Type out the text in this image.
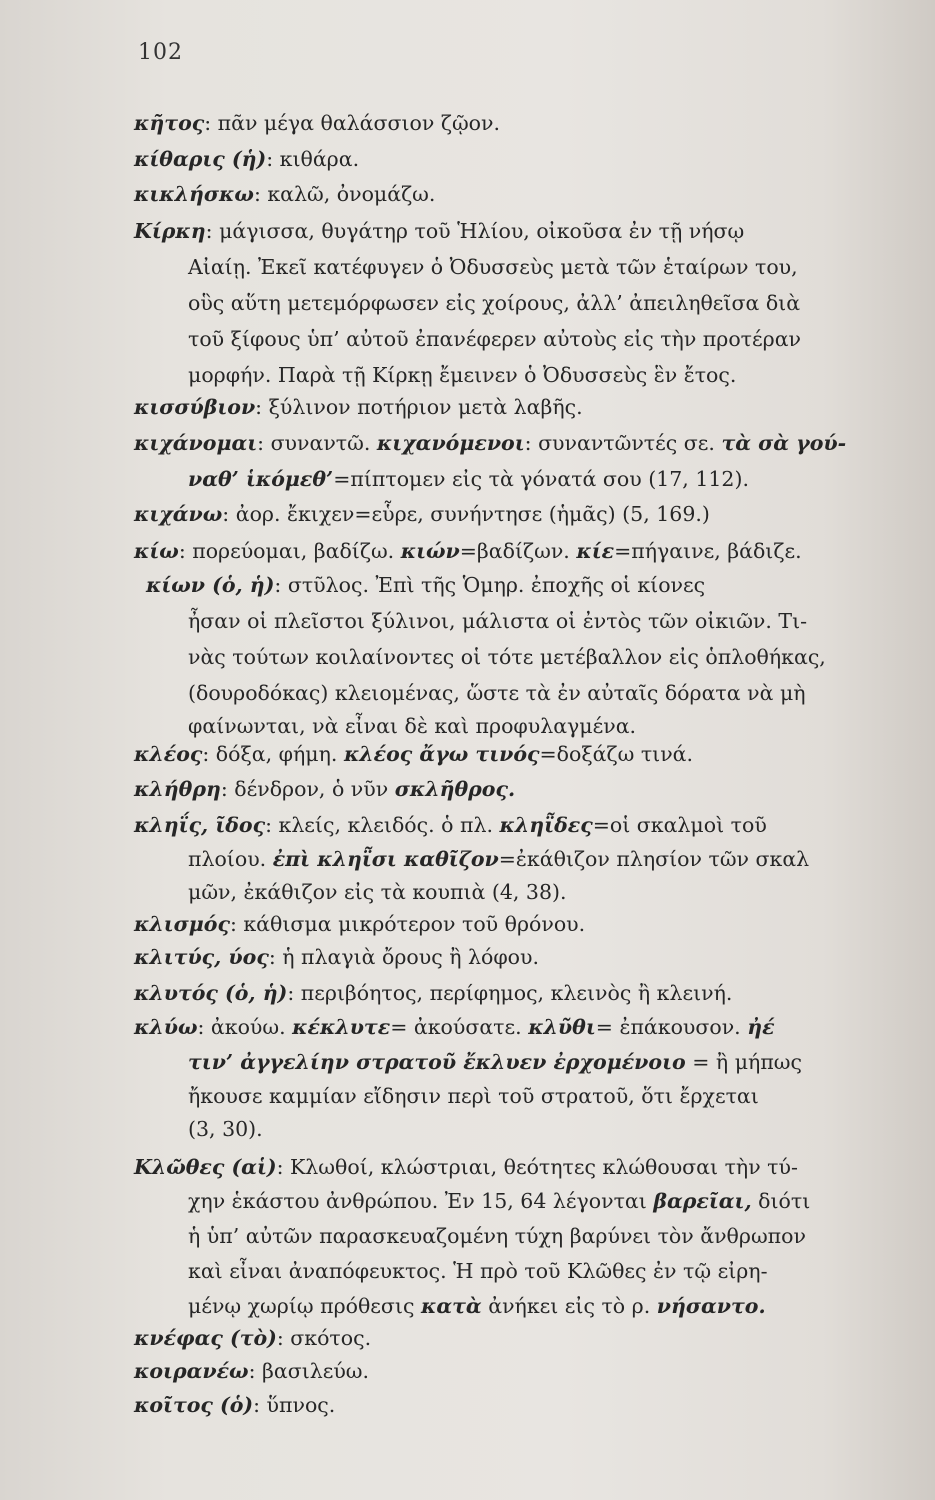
102
κῆτος: πᾶν μέγα θαλάσσιον ζῷον.
κίθαρις (ἡ): κιθάρα.
κικλήσκω: καλῶ, ὀνομάζω.
Κίρκη: μάγισσα, θυγάτηρ τοῦ Ἡλίου, οἰκοῦσα ἐν τῇ νήσῳ
Αἰαίῃ. Ἐκεῖ κατέφυγεν ὁ Ὀδυσσεὺς μετὰ τῶν ἑταίρων του,
οὓς αὕτη μετεμόρφωσεν εἰς χοίρους, ἀλλ’ ἀπειληθεῖσα διὰ
τοῦ ξίφους ὑπ’ αὐτοῦ ἐπανέφερεν αὐτοὺς εἰς τὴν προτέραν
μορφήν. Παρὰ τῇ Κίρκῃ ἔμεινεν ὁ Ὀδυσσεὺς ἓν ἔτος.
κισσύβιον: ξύλινον ποτήριον μετὰ λαβῆς.
κιχάνομαι: συναντῶ. κιχανόμενοι: συναντῶντές σε. τὰ σὰ γού-
ναθ’ ἱκόμεθ’=πίπτομεν εἰς τὰ γόνατά σου (17, 112).
κιχάνω: ἀορ. ἔκιχεν=εὗρε, συνήντησε (ἡμᾶς) (5, 169.)
κίω: πορεύομαι, βαδίζω. κιών=βαδίζων. κίε=πήγαινε, βάδιζε.
κίων (ὁ, ἡ): στῦλος. Ἐπὶ τῆς Ὁμηρ. ἐποχῆς οἱ κίονες
ἦσαν οἱ πλεῖστοι ξύλινοι, μάλιστα οἱ ἐντὸς τῶν οἰκιῶν. Τι-
νὰς τούτων κοιλαίνοντες οἱ τότε μετέβαλλον εἰς ὁπλοθήκας,
(δουροδόκας) κλειομένας, ὥστε τὰ ἐν αὐταῖς δόρατα νὰ μὴ
φαίνωνται, νὰ εἶναι δὲ καὶ προφυλαγμένα.
κλέος: δόξα, φήμη. κλέος ἄγω τινός=δοξάζω τινά.
κλήθρη: δένδρον, ὁ νῦν σκλῆθρος.
κληΐς, ῖδος: κλείς, κλειδός. ὁ πλ. κληῗδες=οἱ σκαλμοὶ τοῦ
πλοίου. ἐπὶ κληῗσι καθῖζον=ἐκάθιζον πλησίον τῶν σκαλ
μῶν, ἐκάθιζον εἰς τὰ κουπιὰ (4, 38).
κλισμός: κάθισμα μικρότερον τοῦ θρόνου.
κλιτύς, ύος: ἡ πλαγιὰ ὄρους ἢ λόφου.
κλυτός (ὁ, ἡ): περιβόητος, περίφημος, κλεινὸς ἢ κλεινή.
κλύω: ἀκούω. κέκλυτε= ἀκούσατε. κλῦθι= ἐπάκουσον. ἠέ
τιν’ ἀγγελίην στρατοῦ ἔκλυεν ἐρχομένοιο = ἢ μήπως
ἤκουσε καμμίαν εἴδησιν περὶ τοῦ στρατοῦ, ὅτι ἔρχεται
(3, 30).
Κλῶθες (αἱ): Κλωθοί, κλώστριαι, θεότητες κλώθουσαι τὴν τύ-
χην ἑκάστου ἀνθρώπου. Ἐν 15, 64 λέγονται βαρεῖαι, διότι
ἡ ὑπ’ αὐτῶν παρασκευαζομένη τύχη βαρύνει τὸν ἄνθρωπον
καὶ εἶναι ἀναπόφευκτος. Ἡ πρὸ τοῦ Κλῶθες ἐν τῷ εἰρη-
μένῳ χωρίῳ πρόθεσις κατὰ ἀνήκει εἰς τὸ ρ. νήσαντο.
κνέφας (τὸ): σκότος.
κοιρανέω: βασιλεύω.
κοῖτος (ὁ): ὕπνος.
